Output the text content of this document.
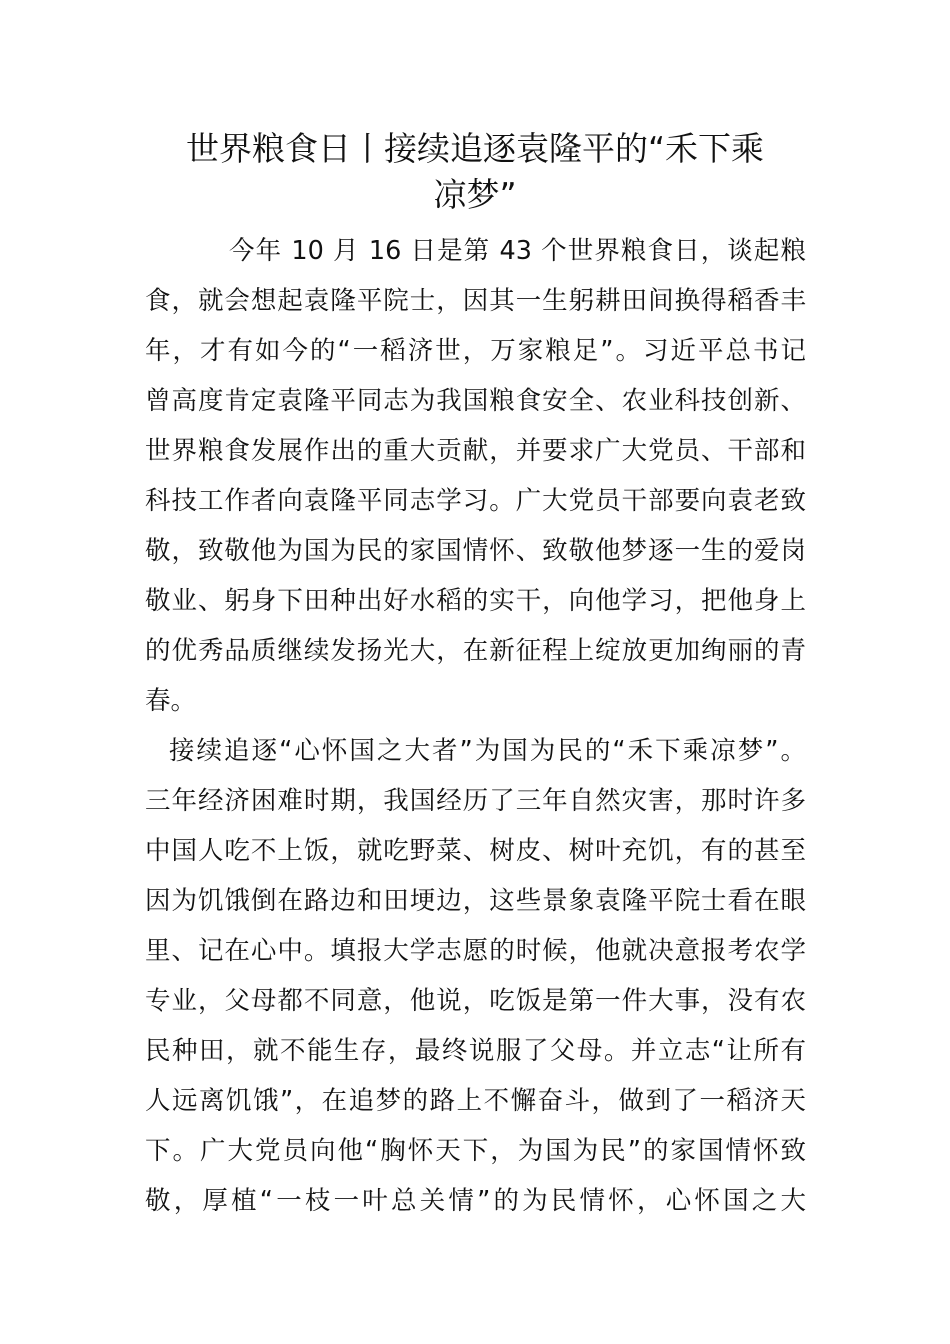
世界粮食日丨接续追逐袁隆平的“禾下乘
凉梦”
今年 10 月 16 日是第 43 个世界粮食日，谈起粮
食，就会想起袁隆平院士，因其一生躬耕田间换得稻香丰
年，才有如今的“一稻济世，万家粮足”。习近平总书记
曾高度肯定袁隆平同志为我国粮食安全、农业科技创新、
世界粮食发展作出的重大贡献，并要求广大党员、干部和
科技工作者向袁隆平同志学习。广大党员干部要向袁老致
敬，致敬他为国为民的家国情怀、致敬他梦逐一生的爱岗
敬业、躬身下田种出好水稻的实干，向他学习，把他身上
的优秀品质继续发扬光大，在新征程上绽放更加绚丽的青
春。
接续追逐“心怀国之大者”为国为民的“禾下乘凉梦”。
三年经济困难时期，我国经历了三年自然灾害，那时许多
中国人吃不上饭，就吃野菜、树皮、树叶充饥，有的甚至
因为饥饿倒在路边和田埂边，这些景象袁隆平院士看在眼
里、记在心中。填报大学志愿的时候，他就决意报考农学
专业，父母都不同意，他说，吃饭是第一件大事，没有农
民种田，就不能生存，最终说服了父母。并立志“让所有
人远离饥饿”，在追梦的路上不懈奋斗，做到了一稻济天
下。广大党员向他“胸怀天下，为国为民”的家国情怀致
敬，厚植“一枝一叶总关情”的为民情怀，心怀国之大
